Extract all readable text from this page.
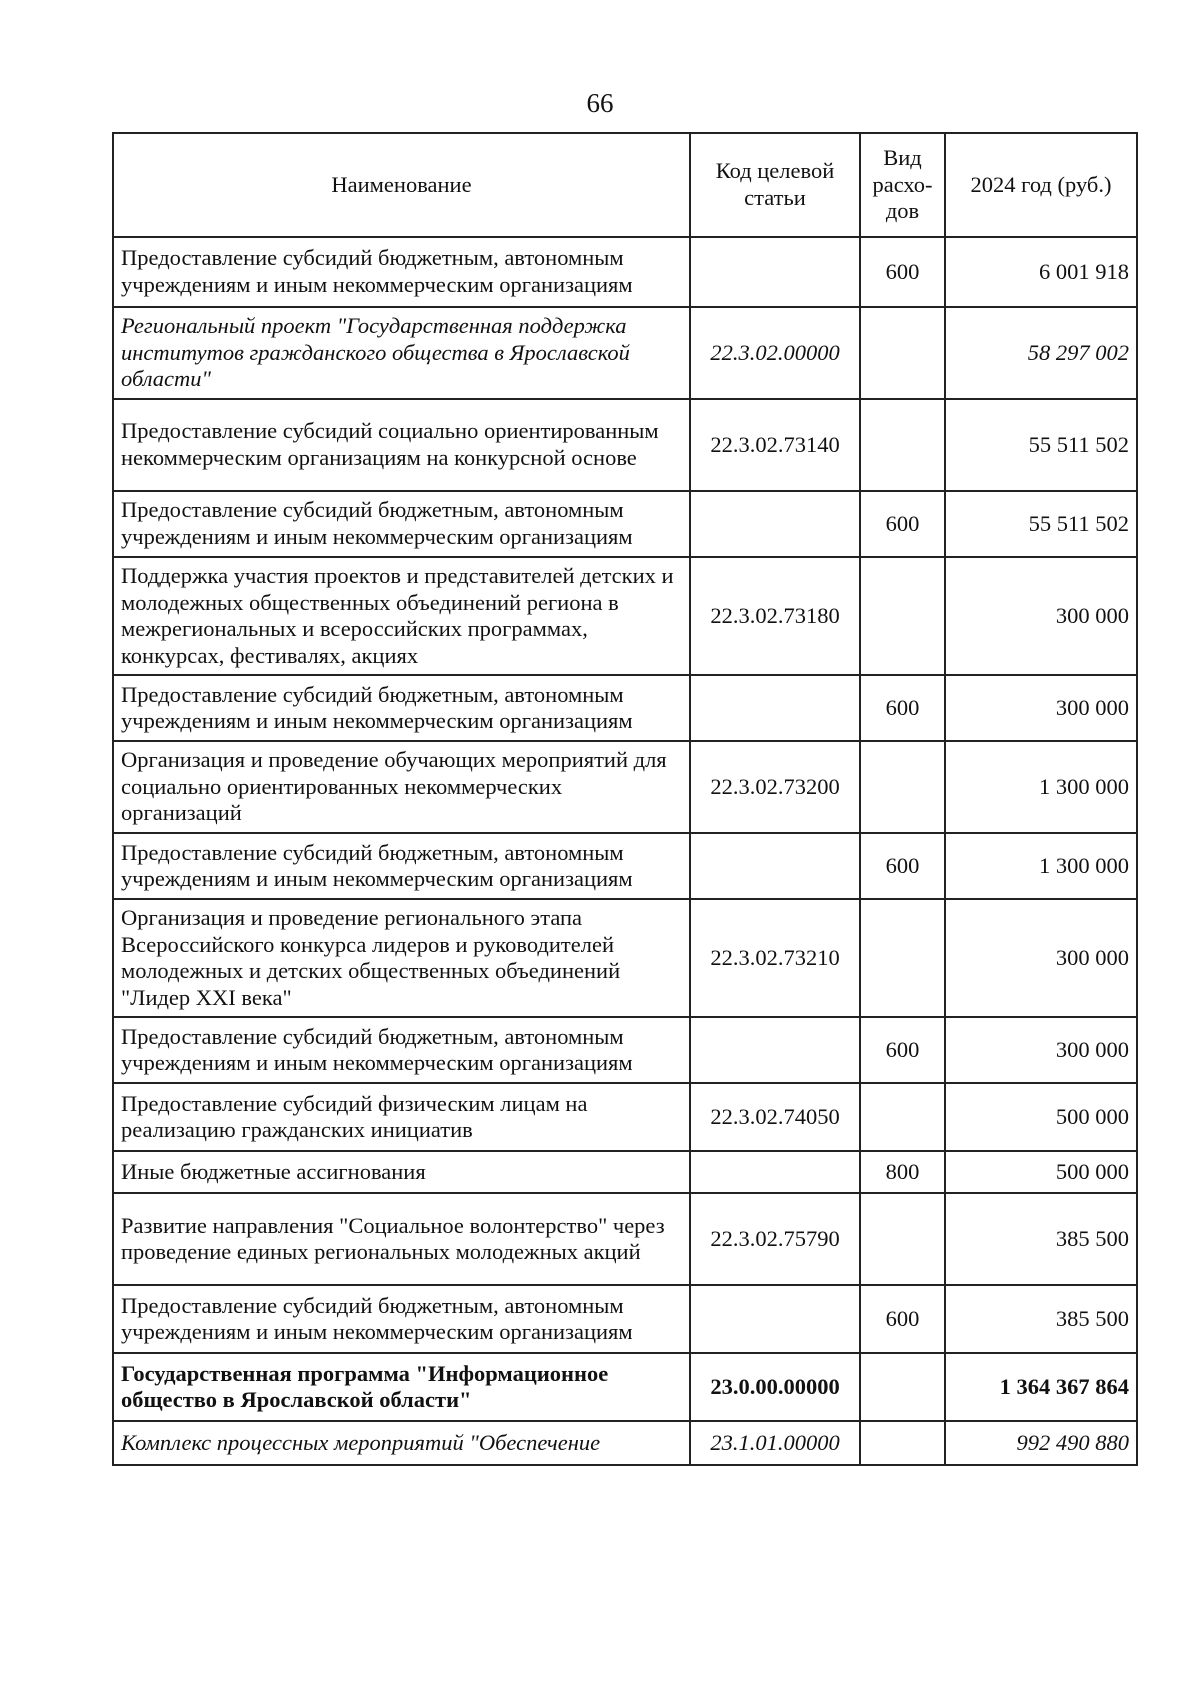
66
Наименование	Код целевой статьи	Вид расхо-дов	2024 год (руб.)
Предоставление субсидий бюджетным, автономным учреждениям и иным некоммерческим организациям		600	6 001 918
Региональный проект "Государственная поддержка институтов гражданского общества в Ярославской области"	22.3.02.00000		58 297 002
Предоставление субсидий социально ориентированным некоммерческим организациям на конкурсной основе	22.3.02.73140		55 511 502
Предоставление субсидий бюджетным, автономным учреждениям и иным некоммерческим организациям		600	55 511 502
Поддержка участия проектов и представителей детских и молодежных общественных объединений региона в межрегиональных и всероссийских программах, конкурсах, фестивалях, акциях	22.3.02.73180		300 000
Предоставление субсидий бюджетным, автономным учреждениям и иным некоммерческим организациям		600	300 000
Организация и проведение обучающих мероприятий для социально ориентированных некоммерческих организаций	22.3.02.73200		1 300 000
Предоставление субсидий бюджетным, автономным учреждениям и иным некоммерческим организациям		600	1 300 000
Организация и проведение регионального этапа Всероссийского конкурса лидеров и руководителей молодежных и детских общественных объединений "Лидер XXI века"	22.3.02.73210		300 000
Предоставление субсидий бюджетным, автономным учреждениям и иным некоммерческим организациям		600	300 000
Предоставление субсидий физическим лицам на реализацию гражданских инициатив	22.3.02.74050		500 000
Иные бюджетные ассигнования		800	500 000
Развитие направления "Социальное волонтерство" через проведение единых региональных молодежных акций	22.3.02.75790		385 500
Предоставление субсидий бюджетным, автономным учреждениям и иным некоммерческим организациям		600	385 500
Государственная программа "Информационное общество в Ярославской области"	23.0.00.00000		1 364 367 864
Комплекс процессных мероприятий "Обеспечение	23.1.01.00000		992 490 880
